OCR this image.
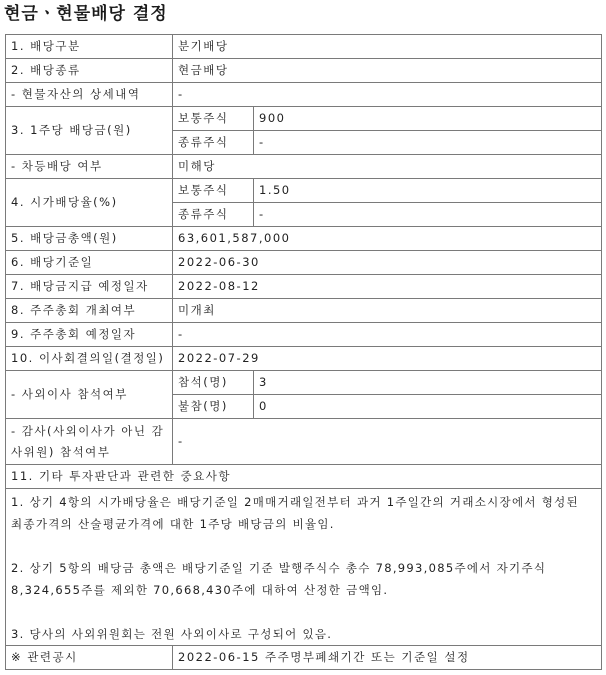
현금ㆍ현물배당 결정
1. 배당구분	분기배당	
2. 배당종류	현금배당	
- 현물자산의 상세내역	-	
3. 1주당 배당금(원)	보통주식	900
	종류주식	-
- 차등배당 여부	미해당	
4. 시가배당율(%)	보통주식	1.50
	종류주식	-
5. 배당금총액(원)	63,601,587,000	
6. 배당기준일	2022-06-30	
7. 배당금지급 예정일자	2022-08-12	
8. 주주총회 개최여부	미개최	
9. 주주총회 예정일자	-	
10. 이사회결의일(결정일)	2022-07-29	
- 사외이사 참석여부	참석(명)	3
	불참(명)	0
- 감사(사외이사가 아닌 감사위원) 참석여부	-	
11. 기타 투자판단과 관련한 중요사항		

1. 상기 4항의 시가배당율은 배당기준일 2매매거래일전부터 과거 1주일간의 거래소시장에서 형성된 최종가격의 산술평균가격에 대한 1주당 배당금의 비율임.

2. 상기 5항의 배당금 총액은 배당기준일 기준 발행주식수 총수 78,993,085주에서 자기주식 8,324,655주를 제외한 70,668,430주에 대하여 산정한 금액임.

3. 당사의 사외위원회는 전원 사외이사로 구성되어 있음.		

※ 관련공시	2022-06-15 주주명부폐쇄기간 또는 기준일 설정	
